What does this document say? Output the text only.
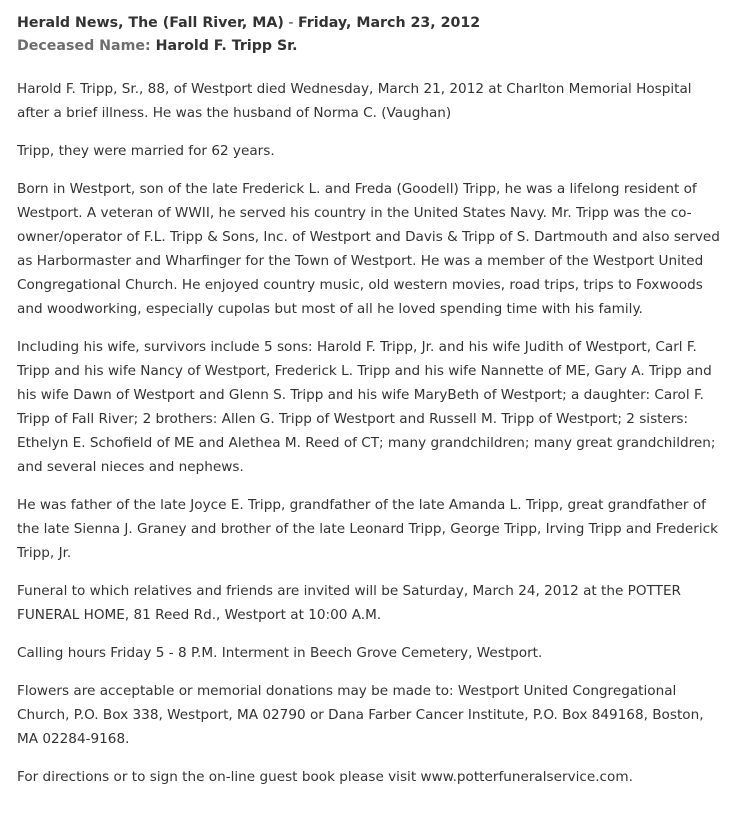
Herald News, The (Fall River, MA) - Friday, March 23, 2012
Deceased Name: Harold F. Tripp Sr.

Harold F. Tripp, Sr., 88, of Westport died Wednesday, March 21, 2012 at Charlton Memorial Hospital after a brief illness. He was the husband of Norma C. (Vaughan)

Tripp, they were married for 62 years.

Born in Westport, son of the late Frederick L. and Freda (Goodell) Tripp, he was a lifelong resident of Westport. A veteran of WWII, he served his country in the United States Navy. Mr. Tripp was the co-owner/operator of F.L. Tripp & Sons, Inc. of Westport and Davis & Tripp of S. Dartmouth and also served as Harbormaster and Wharfinger for the Town of Westport. He was a member of the Westport United Congregational Church. He enjoyed country music, old western movies, road trips, trips to Foxwoods and woodworking, especially cupolas but most of all he loved spending time with his family.

Including his wife, survivors include 5 sons: Harold F. Tripp, Jr. and his wife Judith of Westport, Carl F. Tripp and his wife Nancy of Westport, Frederick L. Tripp and his wife Nannette of ME, Gary A. Tripp and his wife Dawn of Westport and Glenn S. Tripp and his wife MaryBeth of Westport; a daughter: Carol F. Tripp of Fall River; 2 brothers: Allen G. Tripp of Westport and Russell M. Tripp of Westport; 2 sisters: Ethelyn E. Schofield of ME and Alethea M. Reed of CT; many grandchildren; many great grandchildren; and several nieces and nephews.

He was father of the late Joyce E. Tripp, grandfather of the late Amanda L. Tripp, great grandfather of the late Sienna J. Graney and brother of the late Leonard Tripp, George Tripp, Irving Tripp and Frederick Tripp, Jr.

Funeral to which relatives and friends are invited will be Saturday, March 24, 2012 at the POTTER FUNERAL HOME, 81 Reed Rd., Westport at 10:00 A.M.

Calling hours Friday 5 - 8 P.M. Interment in Beech Grove Cemetery, Westport.

Flowers are acceptable or memorial donations may be made to: Westport United Congregational Church, P.O. Box 338, Westport, MA 02790 or Dana Farber Cancer Institute, P.O. Box 849168, Boston, MA 02284-9168.

For directions or to sign the on-line guest book please visit www.potterfuneralservice.com.
